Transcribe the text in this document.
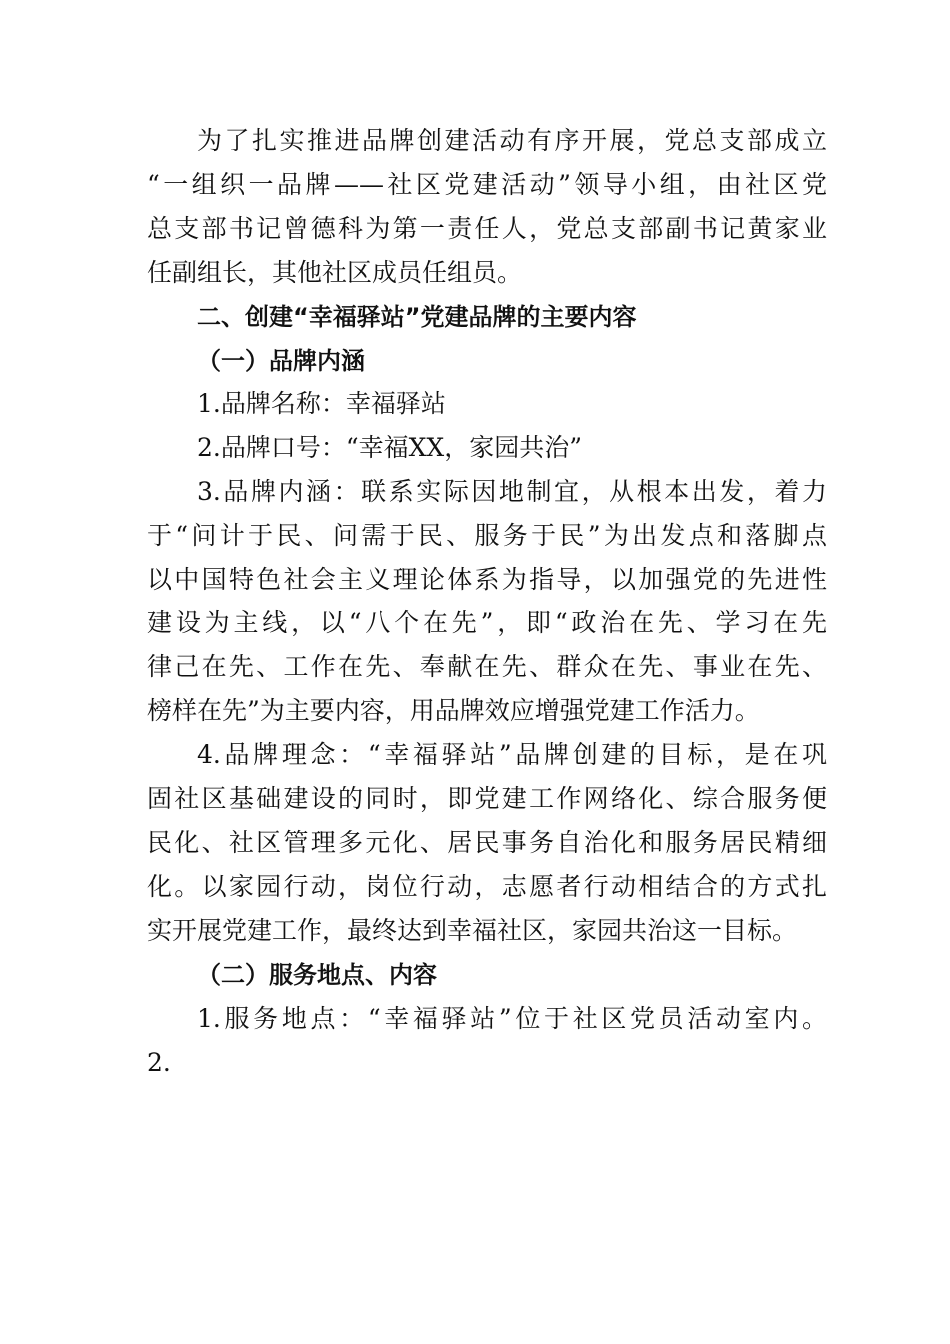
为了扎实推进品牌创建活动有序开展，党总支部成立
“一组织一品牌——社区党建活动”领导小组，由社区党
总支部书记曾德科为第一责任人，党总支部副书记黄家业
任副组长，其他社区成员任组员。
二、创建“幸福驿站”党建品牌的主要内容
（一）品牌内涵
1.品牌名称：幸福驿站
2.品牌口号：“幸福XX，家园共治”
3.品牌内涵：联系实际因地制宜，从根本出发，着力
于“问计于民、问需于民、服务于民”为出发点和落脚点
以中国特色社会主义理论体系为指导，以加强党的先进性
建设为主线，以“八个在先”，即“政治在先、学习在先
律己在先、工作在先、奉献在先、群众在先、事业在先、
榜样在先”为主要内容，用品牌效应增强党建工作活力。
4.品牌理念：“幸福驿站”品牌创建的目标，是在巩
固社区基础建设的同时，即党建工作网络化、综合服务便
民化、社区管理多元化、居民事务自治化和服务居民精细
化。以家园行动，岗位行动，志愿者行动相结合的方式扎
实开展党建工作，最终达到幸福社区，家园共治这一目标。
（二）服务地点、内容
1.服务地点：“幸福驿站”位于社区党员活动室内。
2.
